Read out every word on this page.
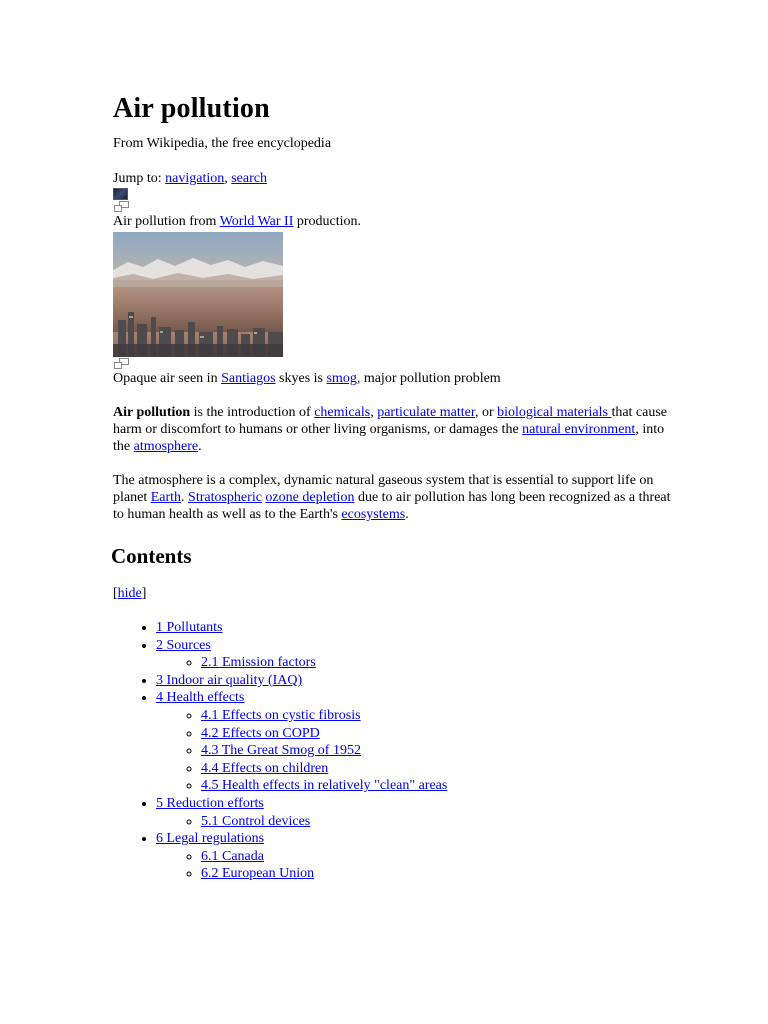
Air pollution
From Wikipedia, the free encyclopedia
Jump to: navigation, search
Air pollution from World War II production.
Opaque air seen in Santiagos skyes is smog, major pollution problem

Air pollution is the introduction of chemicals, particulate matter, or biological materials that cause harm or discomfort to humans or other living organisms, or damages the natural environment, into the atmosphere.

The atmosphere is a complex, dynamic natural gaseous system that is essential to support life on planet Earth. Stratospheric ozone depletion due to air pollution has long been recognized as a threat to human health as well as to the Earth's ecosystems.

Contents
[hide]
• 1 Pollutants
• 2 Sources
◦ 2.1 Emission factors
• 3 Indoor air quality (IAQ)
• 4 Health effects
◦ 4.1 Effects on cystic fibrosis
◦ 4.2 Effects on COPD
◦ 4.3 The Great Smog of 1952
◦ 4.4 Effects on children
◦ 4.5 Health effects in relatively "clean" areas
• 5 Reduction efforts
◦ 5.1 Control devices
• 6 Legal regulations
◦ 6.1 Canada
◦ 6.2 European Union
